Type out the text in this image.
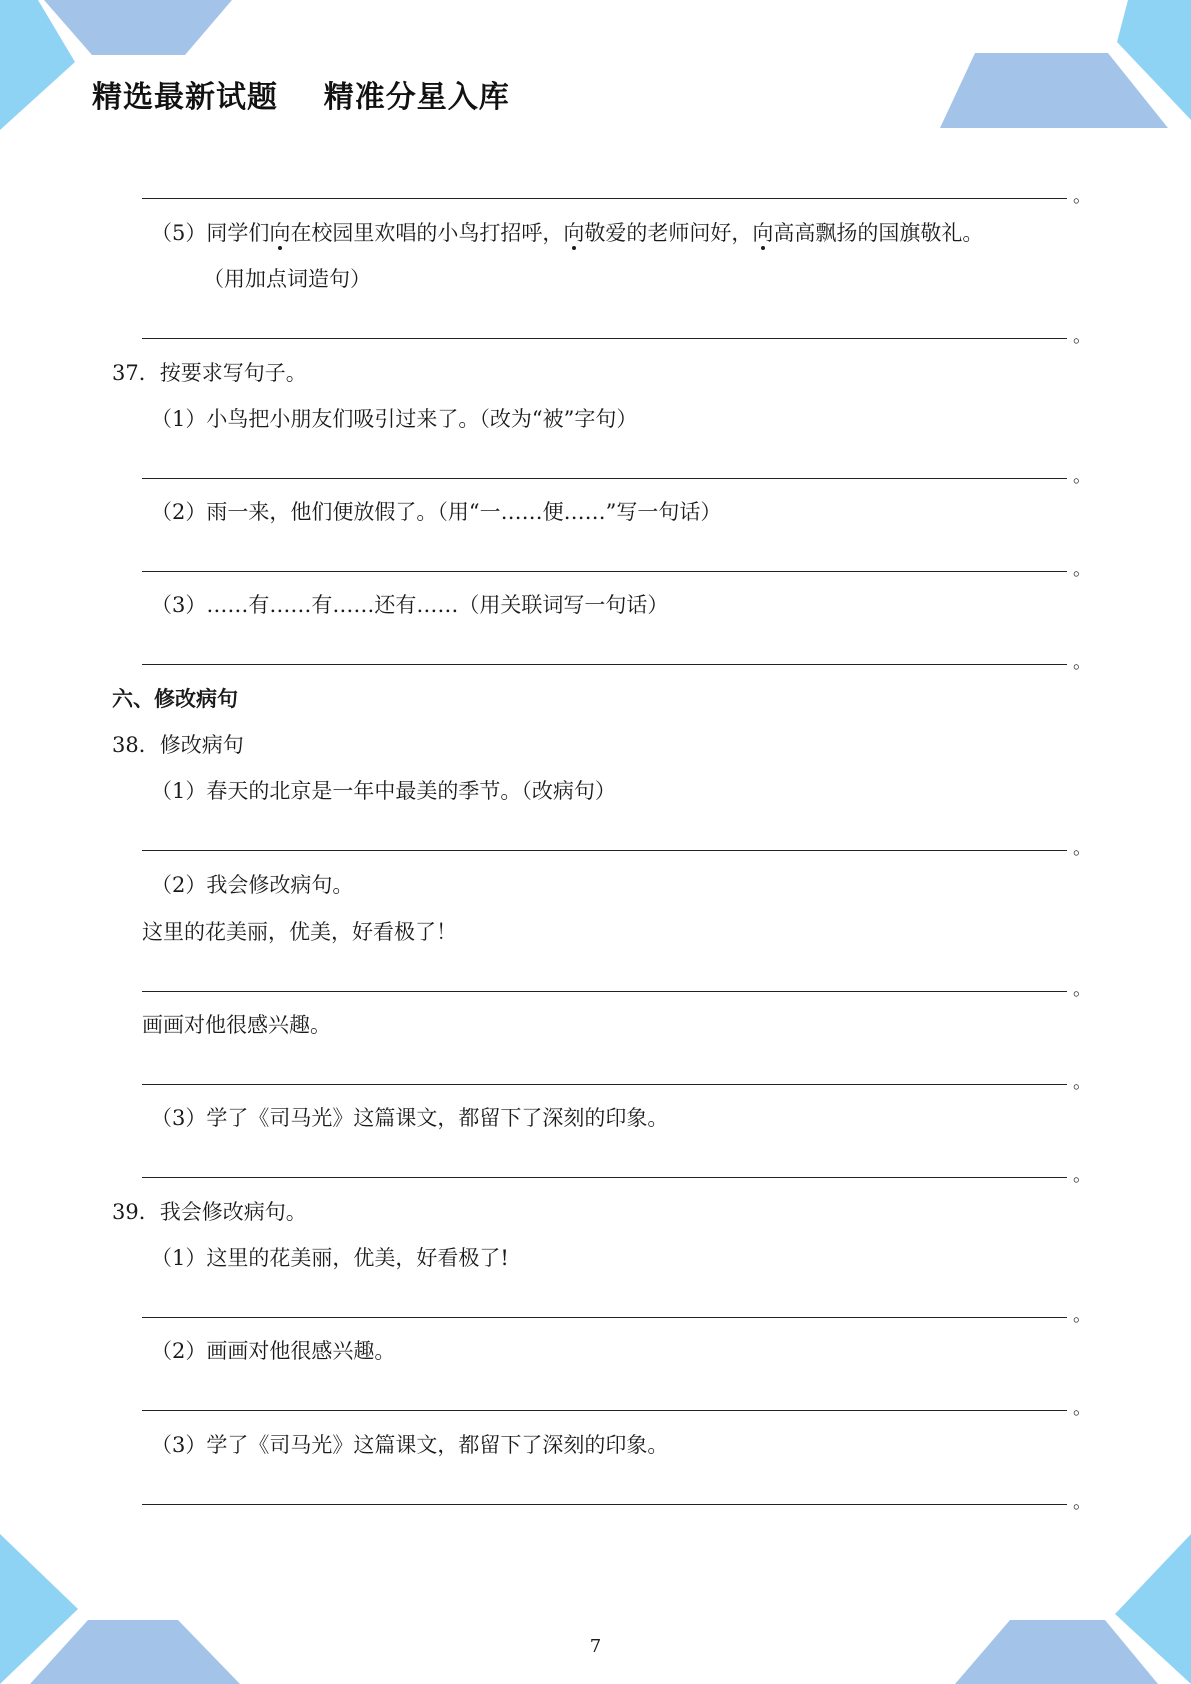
精选最新试题    精准分星入库
。
（5）同学们向在校园里欢唱的小鸟打招呼，向敬爱的老师问好，向高高飘扬的国旗敬礼。
（用加点词造句）
。
37．按要求写句子。
（1）小鸟把小朋友们吸引过来了。（改为“被”字句）
。
（2）雨一来，他们便放假了。（用“一……便……”写一句话）
。
（3）……有……有……还有……（用关联词写一句话）
。
六、修改病句
38．修改病句
（1）春天的北京是一年中最美的季节。（改病句）
。
（2）我会修改病句。
这里的花美丽，优美，好看极了！
。
画画对他很感兴趣。
。
（3）学了《司马光》这篇课文，都留下了深刻的印象。
。
39．我会修改病句。
（1）这里的花美丽，优美，好看极了!
。
（2）画画对他很感兴趣。
。
（3）学了《司马光》这篇课文，都留下了深刻的印象。
。
7
